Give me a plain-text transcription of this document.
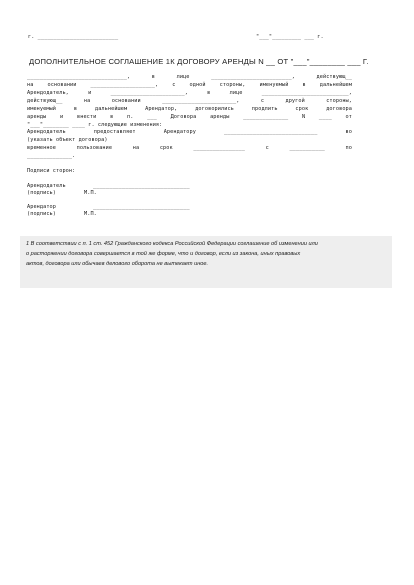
г. _________________________	"___"_________ ___ г.
ДОПОЛНИТЕЛЬНОЕ СОГЛАШЕНИЕ 1К ДОГОВОРУ АРЕНДЫ N __ ОТ "___"________ ___ Г.
_______________________________, в лице _________________________, действующ__
на основании ____________________, с одной стороны, именуемый в дальнейшем
Арендодатель, и _______________________, в лице ___________________________,
действующ__ на основании _______________________, с другой стороны,
именуемый в дальнейшем Арендатор, договорились продлить срок договора
аренды и внести в п. ___ Договора аренды ______________ N ____ от
"___"________ ____ г. следующие изменения:
Арендодатель предоставляет Арендатору _____________________________ во
(указать объект договора)
временное пользование на срок ________________ с ___________ по
______________.
Подписи сторон:
Арендодатель	______________________________
(подпись)	М.П.
Арендатор	______________________________
(подпись)	М.П.
1 В соответствии с п. 1 ст. 452 Гражданского кодекса Российской Федерации соглашение об изменении или
о расторжении договора совершается в той же форме, что и договор, если из закона, иных правовых
актов, договора или обычаев делового оборота не вытекает иное.
